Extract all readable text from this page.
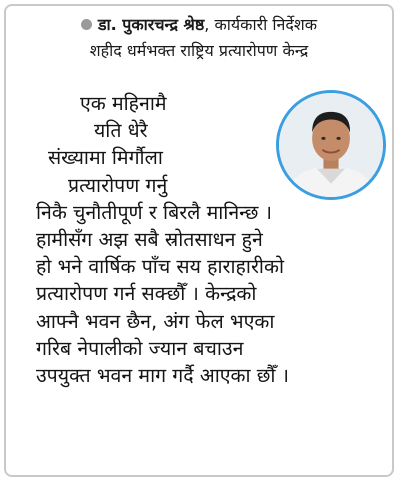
डा. पुकारचन्द्र श्रेष्ठ, कार्यकारी निर्देशक
शहीद धर्मभक्त राष्ट्रिय प्रत्यारोपण केन्द्र
एक महिनामै
यति धेरै
संख्यामा मिर्गौला
प्रत्यारोपण गर्नु
निकै चुनौतीपूर्ण र बिरलै मानिन्छ ।
हामीसँग अझ सबै स्रोतसाधन हुने
हो भने वार्षिक पाँच सय हाराहारीको
प्रत्यारोपण गर्न सक्छौँ । केन्द्रको
आफ्नै भवन छैन, अंग फेल भएका
गरिब नेपालीको ज्यान बचाउन
उपयुक्त भवन माग गर्दै आएका छौँ ।
